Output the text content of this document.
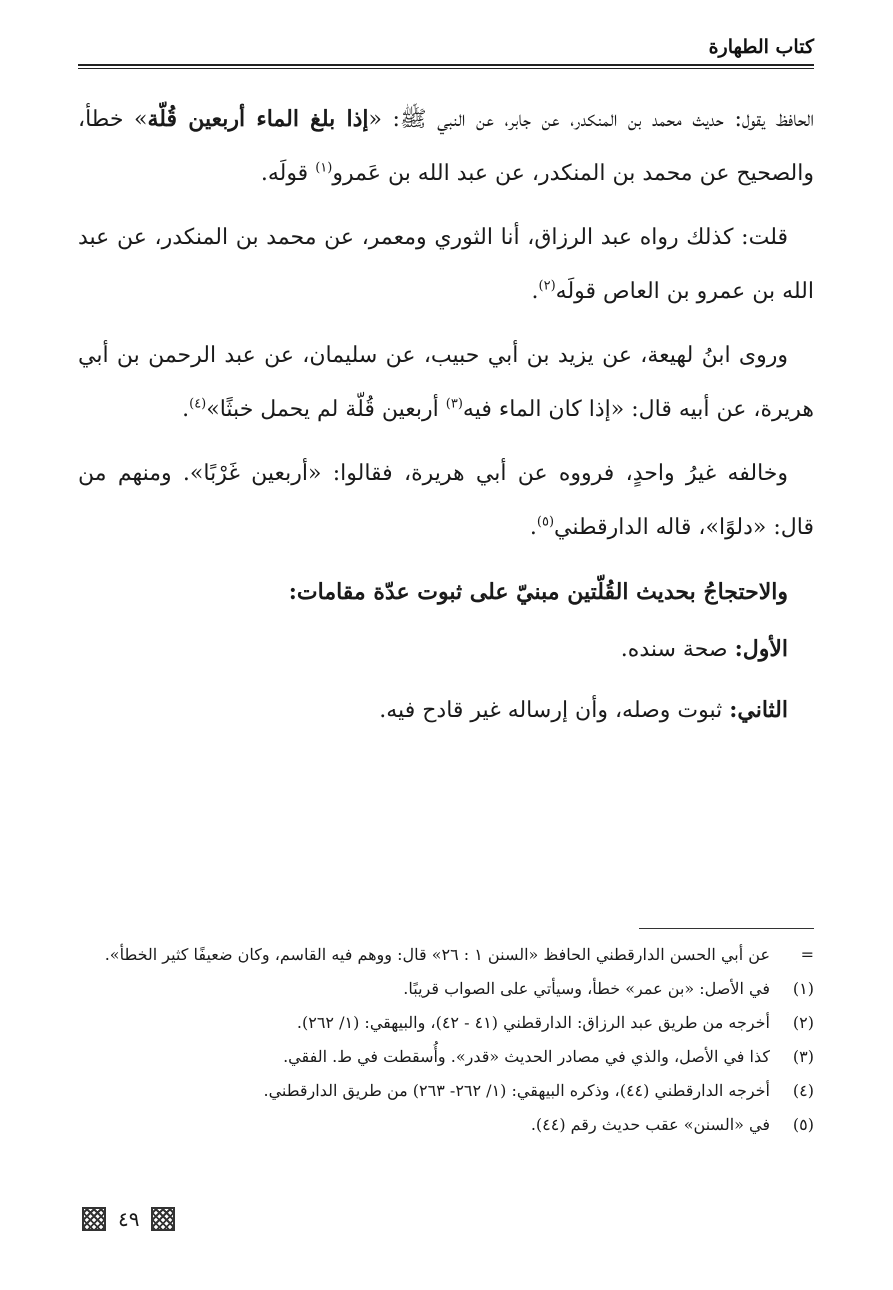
كتاب الطهارة

الحافظ يقول: حديث محمد بن المنكدر، عن جابر، عن النبي ﷺ: «إذا بلغ الماء أربعين قُلّة» خطأ، والصحيح عن محمد بن المنكدر، عن عبد الله بن عَمرو$^{(١)}$ قولَه.

قلت: كذلك رواه عبد الرزاق، أنا الثوري ومعمر، عن محمد بن المنكدر، عن عبد الله بن عمرو بن العاص قولَه$^{(٢)}$.

وروى ابنُ لهيعة، عن يزيد بن أبي حبيب، عن سليمان، عن عبد الرحمن بن أبي هريرة، عن أبيه قال: «إذا كان الماء فيه$^{(٣)}$ أربعين قُلّة لم يحمل خبثًا»$^{(٤)}$.

وخالفه غيرُ واحدٍ، فرووه عن أبي هريرة، فقالوا: «أربعين غَرْبًا». ومنهم من قال: «دلوًا»، قاله الدارقطني$^{(٥)}$.

والاحتجاجُ بحديث القُلّتين مبنيّ على ثبوت عدّة مقامات:

الأول: صحة سنده.

الثاني: ثبوت وصله، وأن إرساله غير قادح فيه.

=
عن أبي الحسن الدارقطني الحافظ «السنن ١ : ٢٦» قال: ووهم فيه القاسم، وكان ضعيفًا كثير الخطأ».
(١)
في الأصل: «بن عمر» خطأ، وسيأتي على الصواب قريبًا.
(٢)
أخرجه من طريق عبد الرزاق: الدارقطني (٤١ - ٤٢)، والبيهقي: (١/ ٢٦٢).
(٣)
كذا في الأصل، والذي في مصادر الحديث «قدر». وأُسقطت في ط. الفقي.
(٤)
أخرجه الدارقطني (٤٤)، وذكره البيهقي: (١/ ٢٦٢- ٢٦٣) من طريق الدارقطني.
(٥)
في «السنن» عقب حديث رقم (٤٤).
٤٩
